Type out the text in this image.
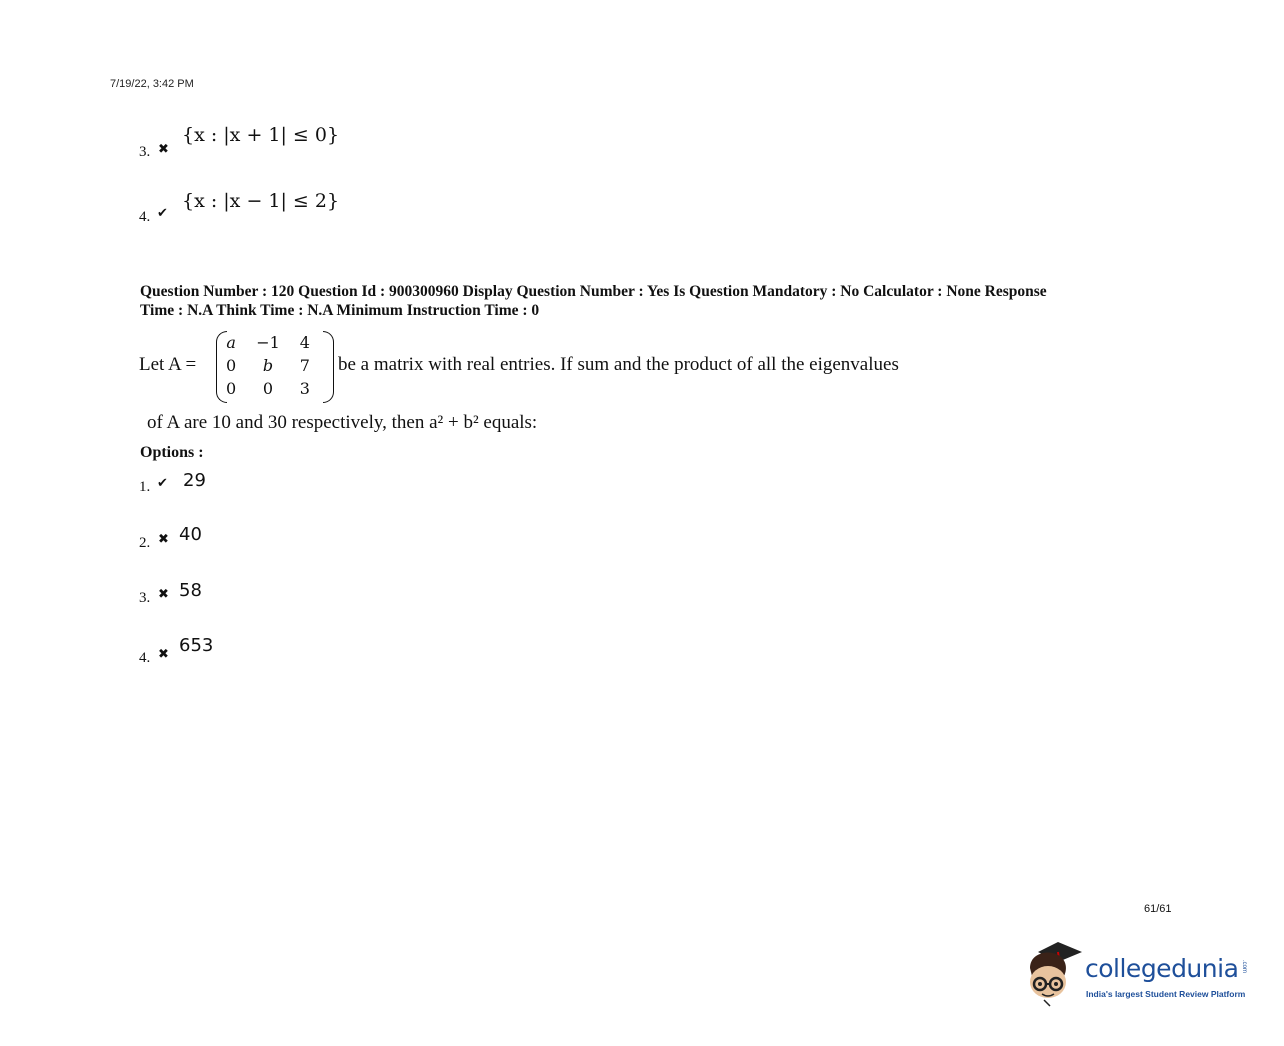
7/19/22, 3:42 PM
3. ✖
{x : |x + 1| ≤ 0}
4. ✔
{x : |x − 1| ≤ 2}
Question Number : 120 Question Id : 900300960 Display Question Number : Yes Is Question Mandatory : No Calculator : None Response
Time : N.A Think Time : N.A Minimum Instruction Time : 0
Let A =
a	−1	4
0	b	7
0	0	3
be a matrix with real entries. If sum and the product of all the eigenvalues
of A are 10 and 30 respectively, then a² + b² equals:
Options :
1. ✔ 29
2. ✖ 40
3. ✖ 58
4. ✖ 653
61/61
collegedunia .com
India's largest Student Review Platform
